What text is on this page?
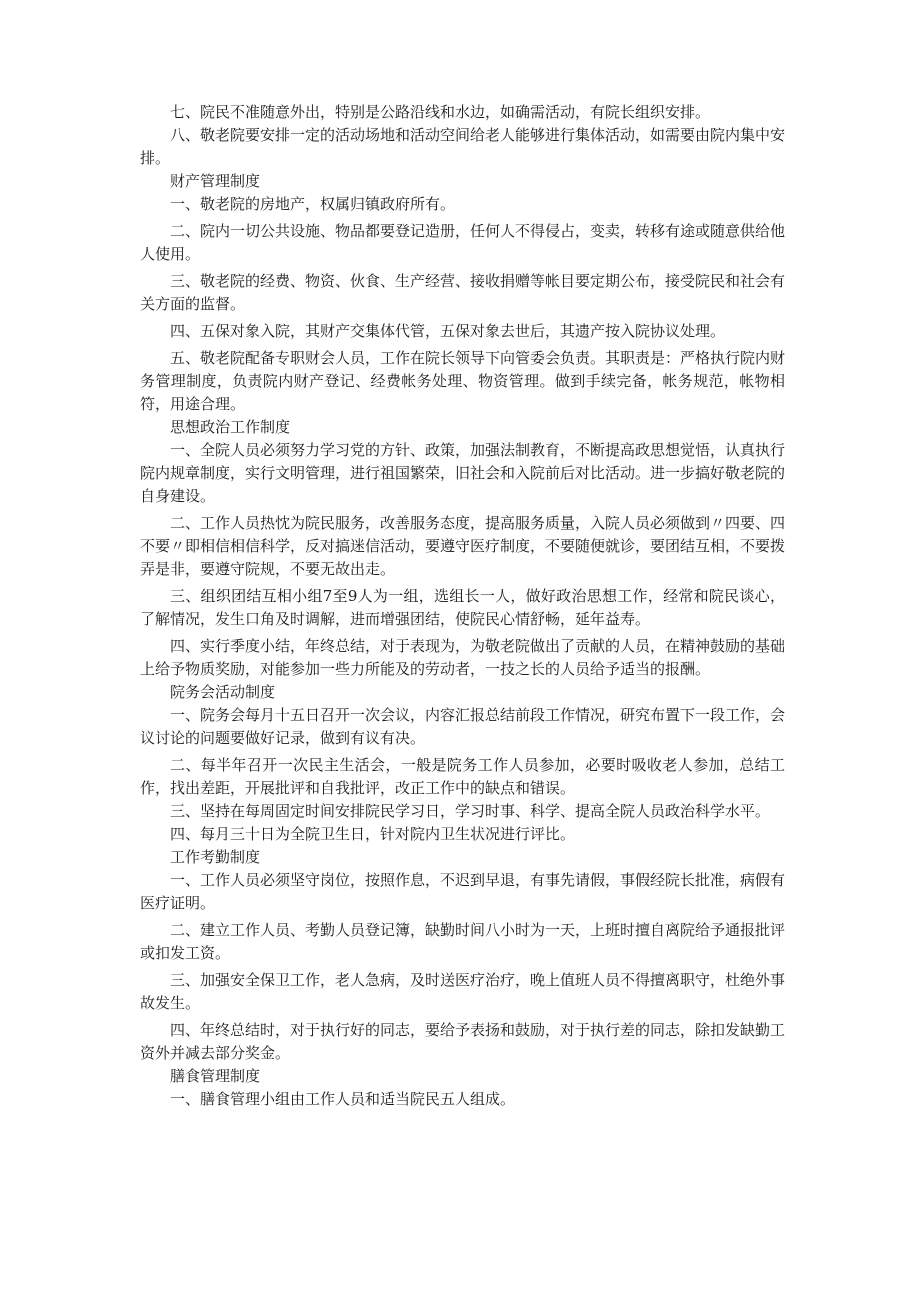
七、院民不准随意外出，特别是公路沿线和水边，如确需活动，有院长组织安排。

八、敬老院要安排一定的活动场地和活动空间给老人能够进行集体活动，如需要由院内集中安排。

财产管理制度

一、敬老院的房地产，权属归镇政府所有。

二、院内一切公共设施、物品都要登记造册，任何人不得侵占，变卖，转移有途或随意供给他人使用。

三、敬老院的经费、物资、伙食、生产经营、接收捐赠等帐目要定期公布，接受院民和社会有关方面的监督。

四、五保对象入院，其财产交集体代管，五保对象去世后，其遗产按入院协议处理。

五、敬老院配备专职财会人员，工作在院长领导下向管委会负责。其职责是：严格执行院内财务管理制度，负责院内财产登记、经费帐务处理、物资管理。做到手续完备，帐务规范，帐物相符，用途合理。

思想政治工作制度

一、全院人员必须努力学习党的方针、政策，加强法制教育，不断提高政思想觉悟，认真执行院内规章制度，实行文明管理，进行祖国繁荣，旧社会和入院前后对比活动。进一步搞好敬老院的自身建设。

二、工作人员热忱为院民服务，改善服务态度，提高服务质量，入院人员必须做到〃四要、四不要〃即相信相信科学，反对搞迷信活动，要遵守医疗制度，不要随便就诊，要团结互相，不要拨弄是非，要遵守院规，不要无故出走。

三、组织团结互相小组7至9人为一组，选组长一人，做好政治思想工作，经常和院民谈心，了解情况，发生口角及时调解，进而增强团结，使院民心情舒畅，延年益寿。

四、实行季度小结，年终总结，对于表现为，为敬老院做出了贡献的人员，在精神鼓励的基础上给予物质奖励，对能参加一些力所能及的劳动者，一技之长的人员给予适当的报酬。

院务会活动制度

一、院务会每月十五日召开一次会议，内容汇报总结前段工作情况，研究布置下一段工作，会议讨论的问题要做好记录，做到有议有决。

二、每半年召开一次民主生活会，一般是院务工作人员参加，必要时吸收老人参加，总结工作，找出差距，开展批评和自我批评，改正工作中的缺点和错误。

三、坚持在每周固定时间安排院民学习日，学习时事、科学、提高全院人员政治科学水平。

四、每月三十日为全院卫生日，针对院内卫生状况进行评比。

工作考勤制度

一、工作人员必须坚守岗位，按照作息，不迟到早退，有事先请假，事假经院长批准，病假有医疗证明。

二、建立工作人员、考勤人员登记簿，缺勤时间八小时为一天，上班时擅自离院给予通报批评或扣发工资。

三、加强安全保卫工作，老人急病，及时送医疗治疗，晚上值班人员不得擅离职守，杜绝外事故发生。

四、年终总结时，对于执行好的同志，要给予表扬和鼓励，对于执行差的同志，除扣发缺勤工资外并减去部分奖金。

膳食管理制度

一、膳食管理小组由工作人员和适当院民五人组成。
